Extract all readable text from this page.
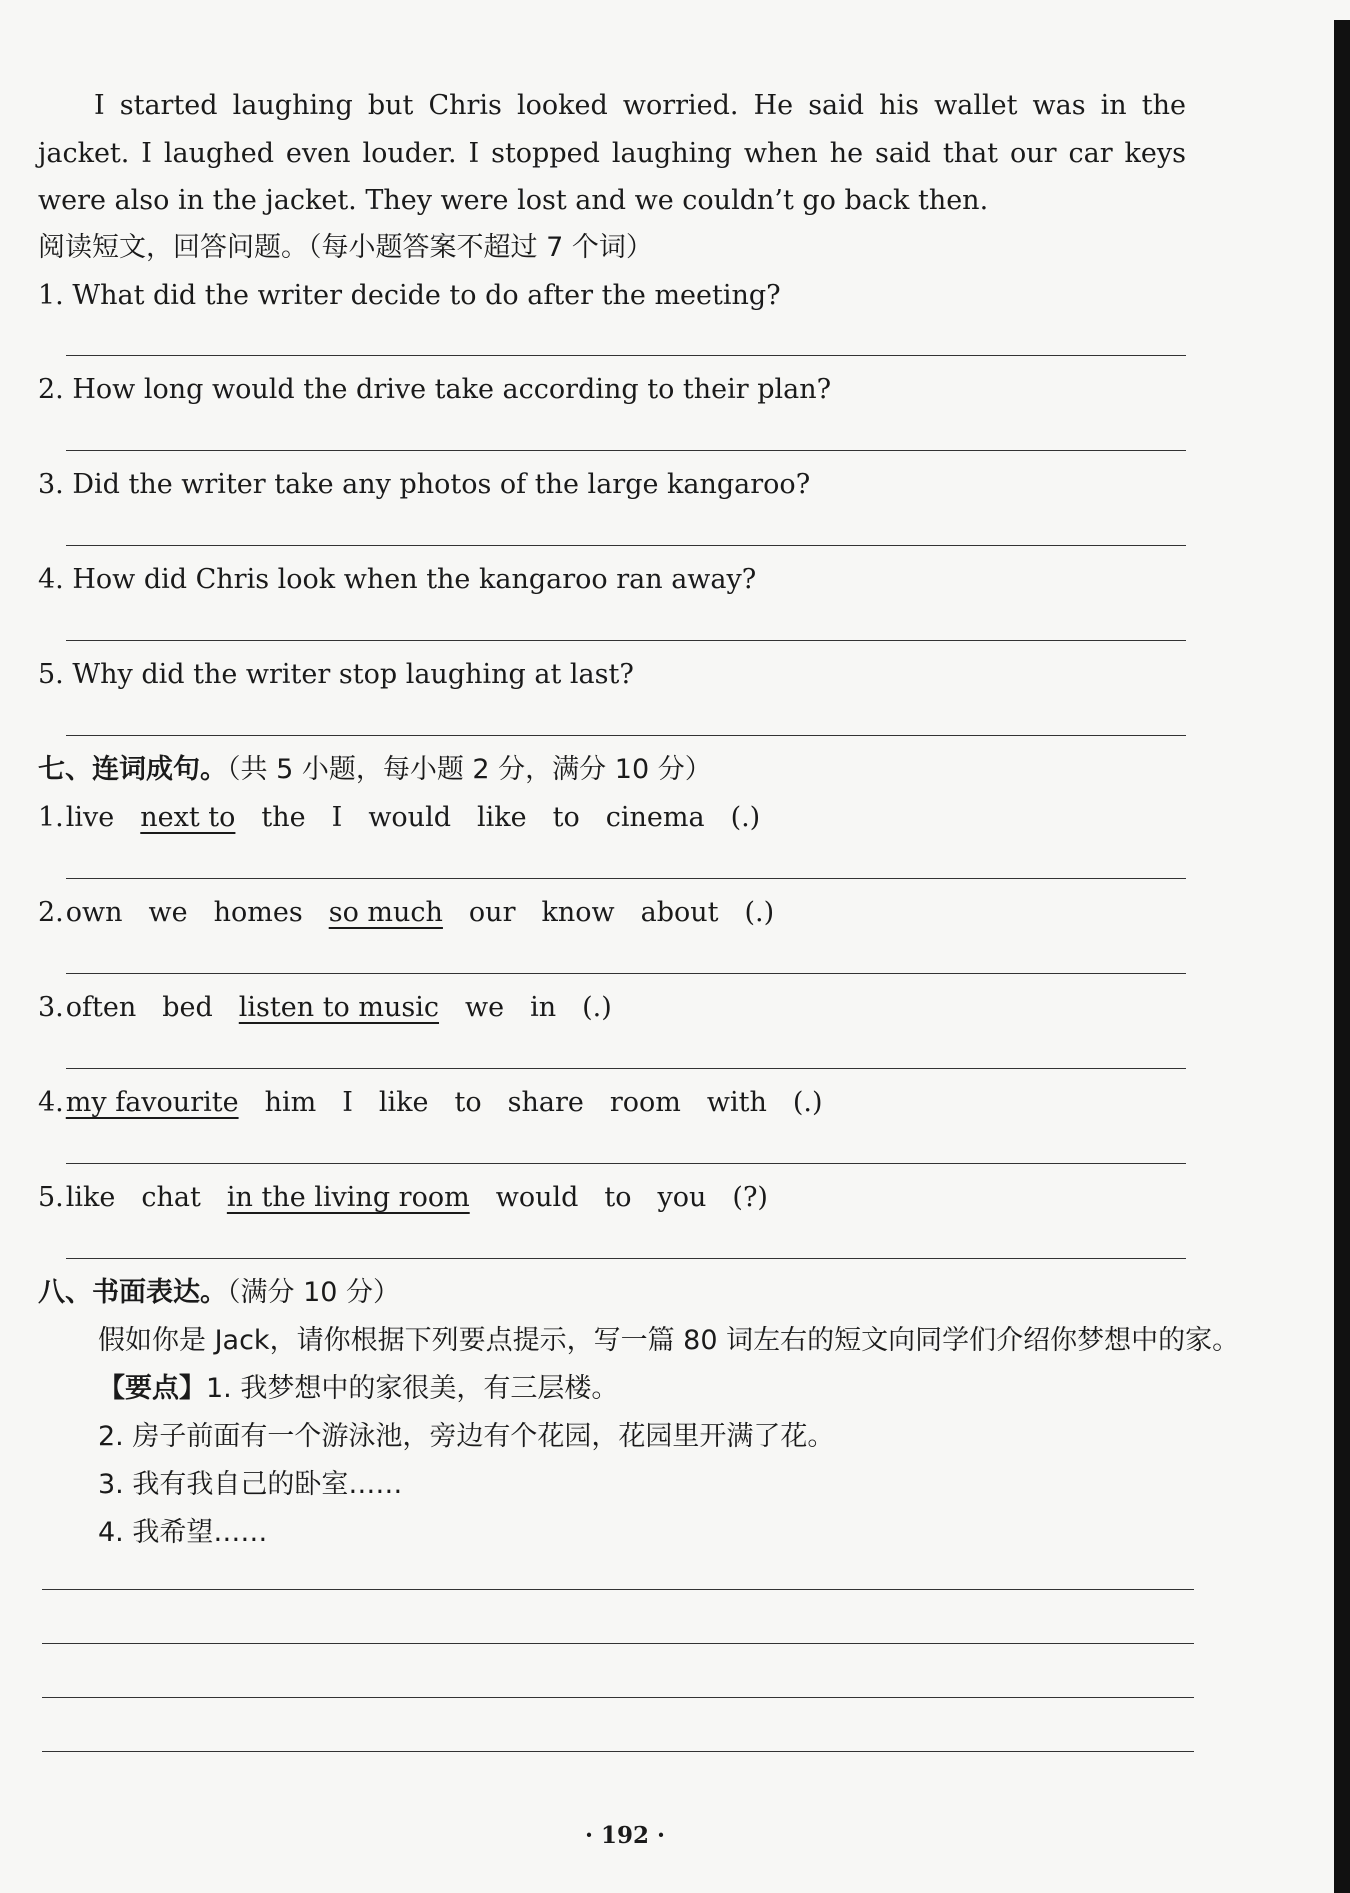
I started laughing but Chris looked worried. He said his wallet was in the jacket. I laughed even louder. I stopped laughing when he said that our car keys were also in the jacket. They were lost and we couldn’t go back then.

阅读短文，回答问题。（每小题答案不超过 7 个词）
1. What did the writer decide to do after the meeting?
2. How long would the drive take according to their plan?
3. Did the writer take any photos of the large kangaroo?
4. How did Chris look when the kangaroo ran away?
5. Why did the writer stop laughing at last?
七、连词成句。（共 5 小题，每小题 2 分，满分 10 分）
1.live next to the I would like to cinema (.)
2.own we homes so much our know about (.)
3.often bed listen to music we in (.)
4.my favourite him I like to share room with (.)
5.like chat in the living room would to you (?)
八、书面表达。（满分 10 分）
假如你是 Jack，请你根据下列要点提示，写一篇 80 词左右的短文向同学们介绍你梦想中的家。
【要点】1. 我梦想中的家很美，有三层楼。
2. 房子前面有一个游泳池，旁边有个花园，花园里开满了花。
3. 我有我自己的卧室……
4. 我希望……
· 192 ·
